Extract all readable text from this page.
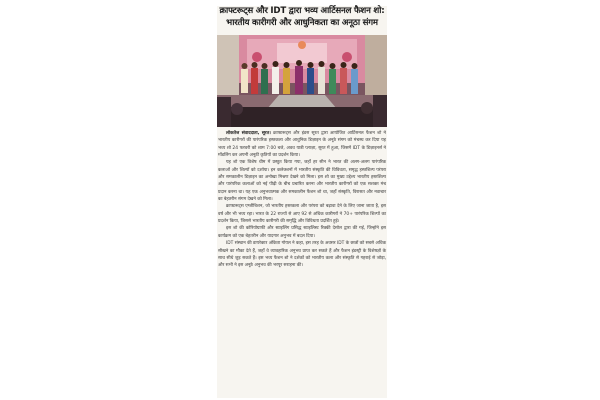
क्राफ्टरूट्स और IDT द्वारा भव्य आर्टिसनल फैशन शो: भारतीय कारीगरी और आधुनिकता का अनूठा संगम

लोकतेज संवाददाता, सूरत। क्राफ्टरूट्स और इंडस सूरत द्वारा आयोजित आर्टिसनल फैशन शो ने भारतीय कारीगरों की पारंपरिक हस्तकला और आधुनिक डिज़ाइन के अनूठे संगम को मंचस्थ कर दिया यह भव्य शो 24 फरवरी को शाम 7:00 बजे, अवध यात्री प्लाज़ा, सूरत में हुआ, जिसमें IDT के डिज़ाइनर्स ने मॉडलिंग कर अपनी अनूठी कृतियों का प्रदर्शन किया।

यह शो एक विशेष थीम में प्रस्तुत किया गया, जहाँ हर सीन ने भारत की अलग-अलग पारंपरिक कलाओं और शिल्पों को दर्शाया। इन कलेक्शनों में भारतीय संस्कृति की विविधता, समृद्ध हस्तशिल्प परंपरा और समकालीन डिज़ाइन का अनोखा मिश्रण देखने को मिला। इस शो का मुख्य उद्देश्य भारतीय हस्तशिल्प और पारंपरिक कलाओं को नई पीढ़ी के बीच प्रचारित करना और भारतीय कारीगरों को एक सशक्त मंच प्रदान करना था। यह एक अनुभवात्मक और समकालीन फैशन शो था, जहाँ संस्कृति, विरासत और नवाचार का बेहतरीन संगम देखने को मिला।

क्राफ्टरूट्स एग्जीबिशन, जो भारतीय हस्तकला और परंपरा को बढ़ावा देने के लिए जाना जाता है, इस वर्ष और भी भव्य रहा। भारत के 22 राज्यों से आए 92 से अधिक कारीगरों ने 70+ पारंपरिक शिल्पों का प्रदर्शन किया, जिससे भारतीय कारीगरी की समृद्धि और विविधता प्रदर्शित हुई।

इस शो की कोरियोग्राफी और स्टाइलिंग प्रसिद्ध स्टाइलिस्ट रिक्की देसोल द्वारा की गई, जिन्होंने इस कार्यक्रम को एक बेहतरीन और यादगार अनुभव में बदल दिया।

IDT संस्थान की डायरेक्टर अंकिता गोयल ने कहा, इस तरह के अवसर IDT के छात्रों को सबसे अधिक सीखने का मौका देते हैं, जहाँ वे व्यावहारिक अनुभव प्राप्त कर सकते हैं और फैशन इंडस्ट्री के विशेषज्ञों के साथ सीधे जुड़ सकते हैं। इस भव्य फैशन शो ने दर्शकों को भारतीय कला और संस्कृति से गहराई से जोड़ा, और सभी ने इस अनूठे अनुभव की भरपूर सराहना की।
